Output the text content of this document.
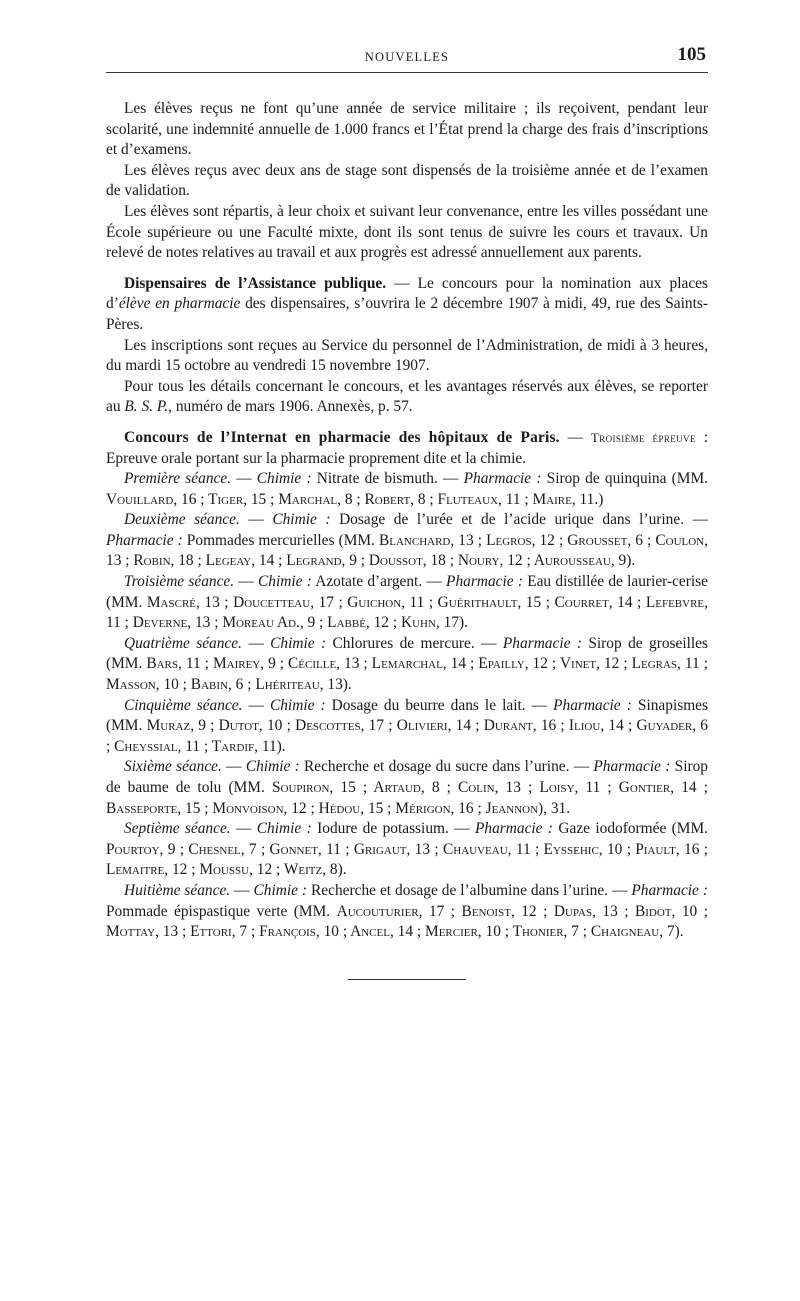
NOUVELLES	105

Les élèves reçus ne font qu’une année de service militaire ; ils reçoivent, pendant leur scolarité, une indemnité annuelle de 1.000 francs et l’État prend la charge des frais d’inscriptions et d’examens.

Les élèves reçus avec deux ans de stage sont dispensés de la troisième année et de l’examen de validation.

Les élèves sont répartis, à leur choix et suivant leur convenance, entre les villes possédant une École supérieure ou une Faculté mixte, dont ils sont tenus de suivre les cours et travaux. Un relevé de notes relatives au travail et aux progrès est adressé annuellement aux parents.

Dispensaires de l’Assistance publique. — Le concours pour la nomination aux places d’élève en pharmacie des dispensaires, s’ouvrira le 2 décembre 1907 à midi, 49, rue des Saints-Pères.

Les inscriptions sont reçues au Service du personnel de l’Administration, de midi à 3 heures, du mardi 15 octobre au vendredi 15 novembre 1907.

Pour tous les détails concernant le concours, et les avantages réservés aux élèves, se reporter au B. S. P., numéro de mars 1906. Annexès, p. 57.

Concours de l’Internat en pharmacie des hôpitaux de Paris. — Troisième épreuve : Epreuve orale portant sur la pharmacie proprement dite et la chimie.

Première séance. — Chimie : Nitrate de bismuth. — Pharmacie : Sirop de quinquina (MM. Vouillard, 16 ; Tiger, 15 ; Marchal, 8 ; Robert, 8 ; Fluteaux, 11 ; Maire, 11.)

Deuxième séance. — Chimie : Dosage de l’urée et de l’acide urique dans l’urine. — Pharmacie : Pommades mercurielles (MM. Blanchard, 13 ; Legros, 12 ; Grousset, 6 ; Coulon, 13 ; Robin, 18 ; Legeay, 14 ; Legrand, 9 ; Doussot, 18 ; Noury, 12 ; Aurousseau, 9).

Troisième séance. — Chimie : Azotate d’argent. — Pharmacie : Eau distillée de laurier-cerise (MM. Mascré, 13 ; Doucetteau, 17 ; Guichon, 11 ; Guérithault, 15 ; Courret, 14 ; Lefebvre, 11 ; Deverne, 13 ; Moreau Ad., 9 ; Labbé, 12 ; Kuhn, 17).

Quatrième séance. — Chimie : Chlorures de mercure. — Pharmacie : Sirop de groseilles (MM. Bars, 11 ; Mairey, 9 ; Cécille, 13 ; Lemarchal, 14 ; Epailly, 12 ; Vinet, 12 ; Legras, 11 ; Masson, 10 ; Babin, 6 ; Lhériteau, 13).

Cinquième séance. — Chimie : Dosage du beurre dans le lait. — Pharmacie : Sinapismes (MM. Muraz, 9 ; Dutot, 10 ; Descottes, 17 ; Olivieri, 14 ; Durant, 16 ; Iliou, 14 ; Guyader, 6 ; Cheyssial, 11 ; Tardif, 11).

Sixième séance. — Chimie : Recherche et dosage du sucre dans l’urine. — Pharmacie : Sirop de baume de tolu (MM. Soupiron, 15 ; Artaud, 8 ; Colin, 13 ; Loisy, 11 ; Gontier, 14 ; Basseporte, 15 ; Monvoison, 12 ; Hédou, 15 ; Mérigon, 16 ; Jeannon), 31.

Septième séance. — Chimie : Iodure de potassium. — Pharmacie : Gaze iodoformée (MM. Pourtoy, 9 ; Chesnel, 7 ; Gonnet, 11 ; Grigaut, 13 ; Chauveau, 11 ; Eyssehic, 10 ; Piault, 16 ; Lemaitre, 12 ; Moussu, 12 ; Weitz, 8).

Huitième séance. — Chimie : Recherche et dosage de l’albumine dans l’urine. — Pharmacie : Pommade épispastique verte (MM. Aucouturier, 17 ; Benoist, 12 ; Dupas, 13 ; Bidot, 10 ; Mottay, 13 ; Ettori, 7 ; François, 10 ; Ancel, 14 ; Mercier, 10 ; Thonier, 7 ; Chaigneau, 7).
